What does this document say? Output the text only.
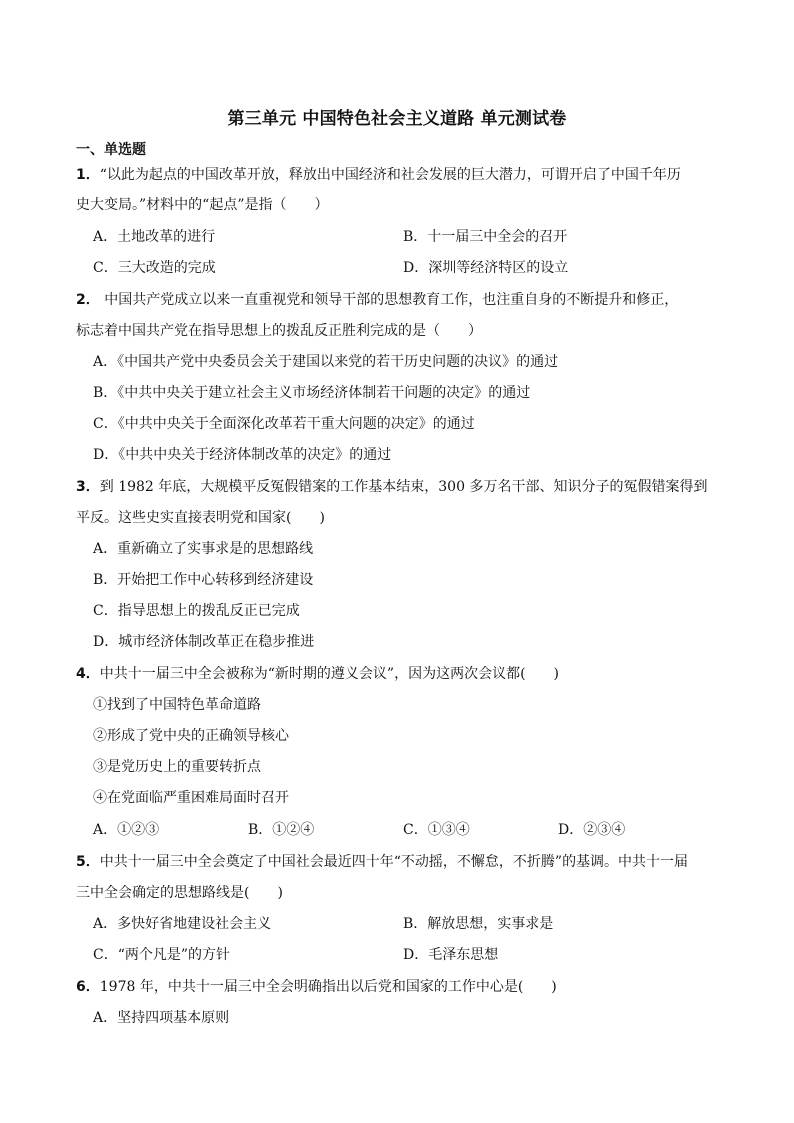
第三单元 中国特色社会主义道路 单元测试卷
一、单选题
1．“以此为起点的中国改革开放，释放出中国经济和社会发展的巨大潜力，可谓开启了中国千年历
史大变局。”材料中的“起点”是指（　　）
A．土地改革的进行	B．十一届三中全会的召开
C．三大改造的完成	D．深圳等经济特区的设立
2． 中国共产党成立以来一直重视党和领导干部的思想教育工作，也注重自身的不断提升和修正，
标志着中国共产党在指导思想上的拨乱反正胜利完成的是（　　）
A．《中国共产党中央委员会关于建国以来党的若干历史问题的决议》的通过
B．《中共中央关于建立社会主义市场经济体制若干问题的决定》的通过
C．《中共中央关于全面深化改革若干重大问题的决定》的通过
D．《中共中央关于经济体制改革的决定》的通过
3．到 1982 年底，大规模平反冤假错案的工作基本结束，300 多万名干部、知识分子的冤假错案得到
平反。这些史实直接表明党和国家(　　)
A．重新确立了实事求是的思想路线
B．开始把工作中心转移到经济建设
C．指导思想上的拨乱反正已完成
D．城市经济体制改革正在稳步推进
4．中共十一届三中全会被称为“新时期的遵义会议”，因为这两次会议都(　　)
①找到了中国特色革命道路
②形成了党中央的正确领导核心
③是党历史上的重要转折点
④在党面临严重困难局面时召开
A．①②③	B．①②④	C．①③④	D．②③④
5．中共十一届三中全会奠定了中国社会最近四十年“不动摇，不懈怠，不折腾”的基调。中共十一届
三中全会确定的思想路线是(　　)
A．多快好省地建设社会主义	B．解放思想，实事求是
C．“两个凡是”的方针	D．毛泽东思想
6．1978 年，中共十一届三中全会明确指出以后党和国家的工作中心是(　　)
A．坚持四项基本原则
